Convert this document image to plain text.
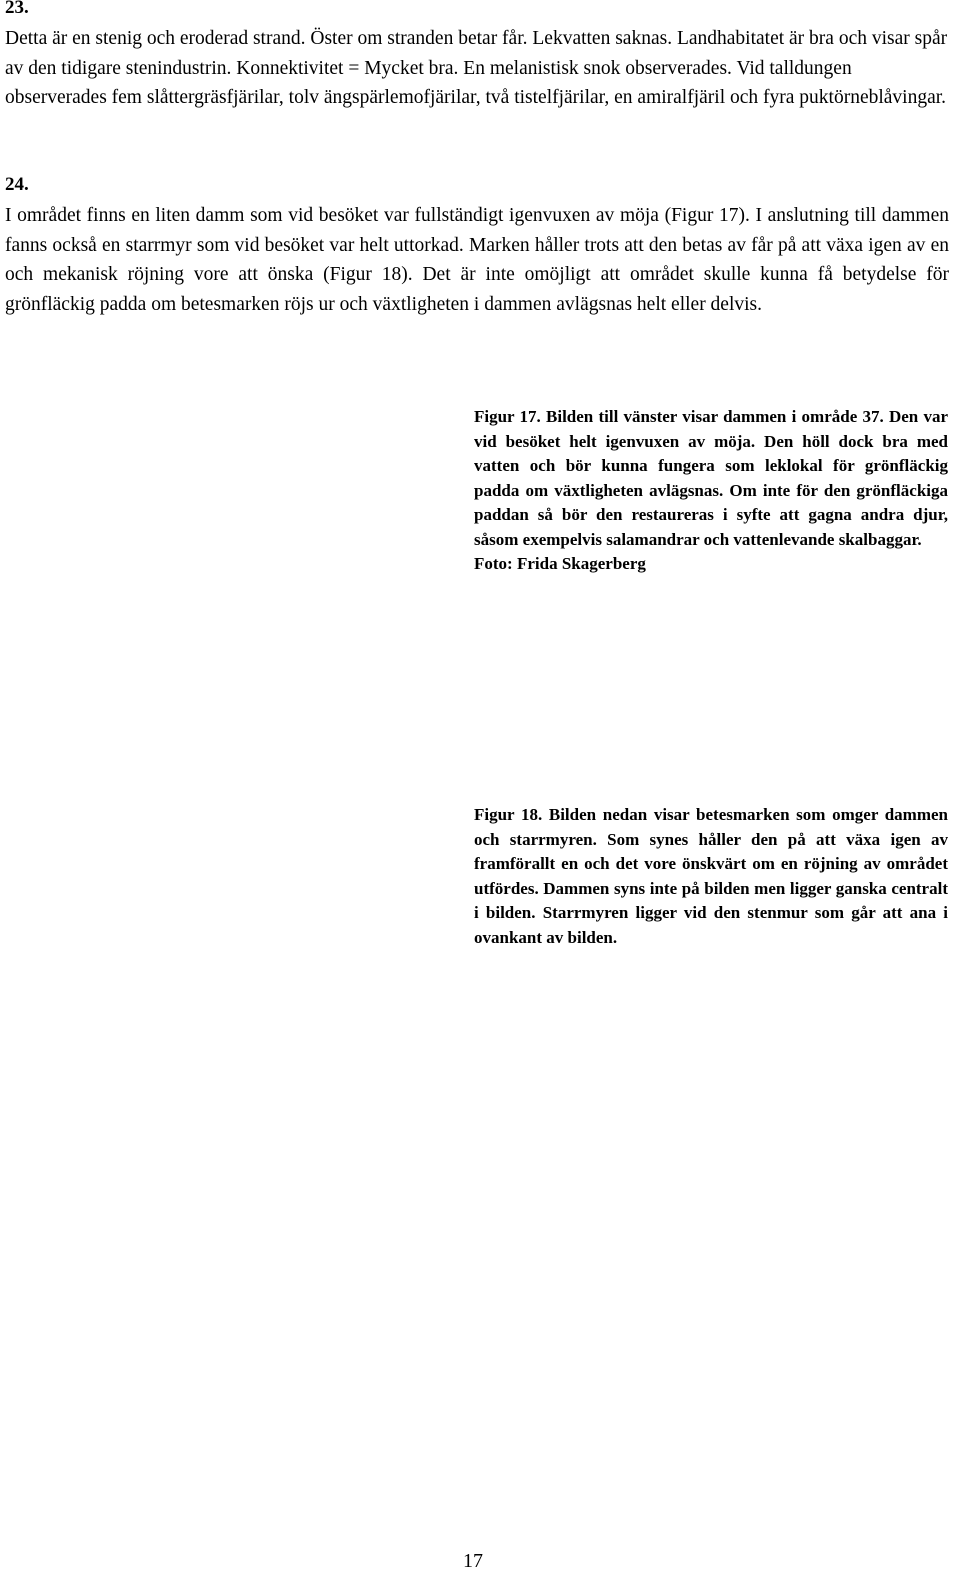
23.

Detta är en stenig och eroderad strand. Öster om stranden betar får. Lekvatten saknas. Landhabitatet är bra och visar spår av den tidigare stenindustrin. Konnektivitet = Mycket bra. En melanistisk snok observerades. Vid talldungen observerades fem slåttergräsfjärilar, tolv ängspärlemofjärilar, två tistelfjärilar, en amiralfjäril och fyra puktörneblåvingar.

24.

I området finns en liten damm som vid besöket var fullständigt igenvuxen av möja (Figur 17). I anslutning till dammen fanns också en starrmyr som vid besöket var helt uttorkad. Marken håller trots att den betas av får på att växa igen av en och mekanisk röjning vore att önska (Figur 18). Det är inte omöjligt att området skulle kunna få betydelse för grönfläckig padda om betesmarken röjs ur och växtligheten i dammen avlägsnas helt eller delvis.

Figur 17. Bilden till vänster visar dammen i område 37. Den var vid besöket helt igenvuxen av möja. Den höll dock bra med vatten och bör kunna fungera som leklokal för grönfläckig padda om växtligheten avlägsnas. Om inte för den grönfläckiga paddan så bör den restaureras i syfte att gagna andra djur, såsom exempelvis salamandrar och vattenlevande skalbaggar.
Foto: Frida Skagerberg
Figur 18. Bilden nedan visar betesmarken som omger dammen och starrmyren. Som synes håller den på att växa igen av framförallt en och det vore önskvärt om en röjning av området utfördes. Dammen syns inte på bilden men ligger ganska centralt i bilden. Starrmyren ligger vid den stenmur som går att ana i ovankant av bilden.

17
